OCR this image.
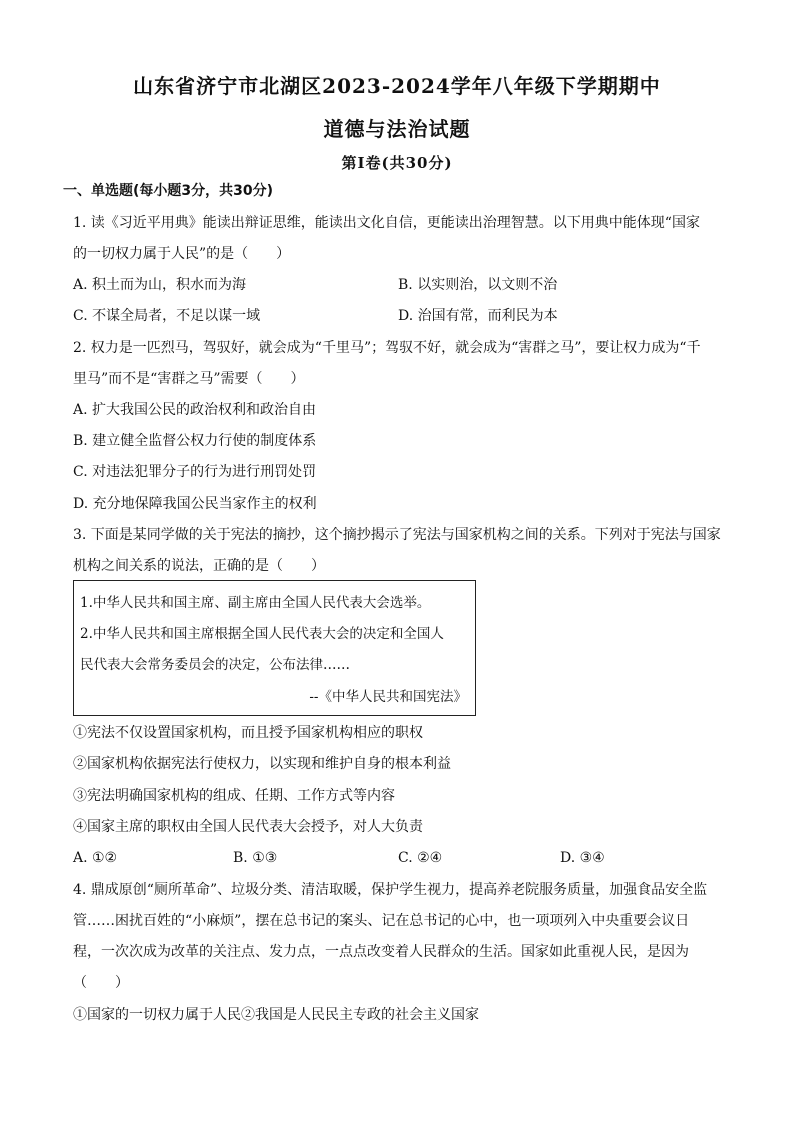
山东省济宁市北湖区2023-2024学年八年级下学期期中
道德与法治试题
第Ⅰ卷(共30分)
一、单选题(每小题3分，共30分)
1. 读《习近平用典》能读出辩证思维，能读出文化自信，更能读出治理智慧。以下用典中能体现“国家
的一切权力属于人民”的是（　　）
A. 积土而为山，积水而为海	B. 以实则治，以文则不治
C. 不谋全局者，不足以谋一域	D. 治国有常，而利民为本
2. 权力是一匹烈马，驾驭好，就会成为“千里马”；驾驭不好，就会成为“害群之马”，要让权力成为“千
里马”而不是“害群之马”需要（　　）
A. 扩大我国公民的政治权利和政治自由
B. 建立健全监督公权力行使的制度体系
C. 对违法犯罪分子的行为进行刑罚处罚
D. 充分地保障我国公民当家作主的权利
3. 下面是某同学做的关于宪法的摘抄，这个摘抄揭示了宪法与国家机构之间的关系。下列对于宪法与国家
机构之间关系的说法，正确的是（　　）
1.中华人民共和国主席、副主席由全国人民代表大会选举。
2.中华人民共和国主席根据全国人民代表大会的决定和全国人
民代表大会常务委员会的决定，公布法律……
--《中华人民共和国宪法》
①宪法不仅设置国家机构，而且授予国家机构相应的职权
②国家机构依据宪法行使权力，以实现和维护自身的根本利益
③宪法明确国家机构的组成、任期、工作方式等内容
④国家主席的职权由全国人民代表大会授予，对人大负责
A. ①②	B. ①③	C. ②④	D. ③④
4. 鼎成原创“厕所革命”、垃圾分类、清洁取暖，保护学生视力，提高养老院服务质量，加强食品安全监
管……困扰百姓的“小麻烦”，摆在总书记的案头、记在总书记的心中，也一项项列入中央重要会议日
程，一次次成为改革的关注点、发力点，一点点改变着人民群众的生活。国家如此重视人民，是因为
（　　）
①国家的一切权力属于人民②我国是人民民主专政的社会主义国家
